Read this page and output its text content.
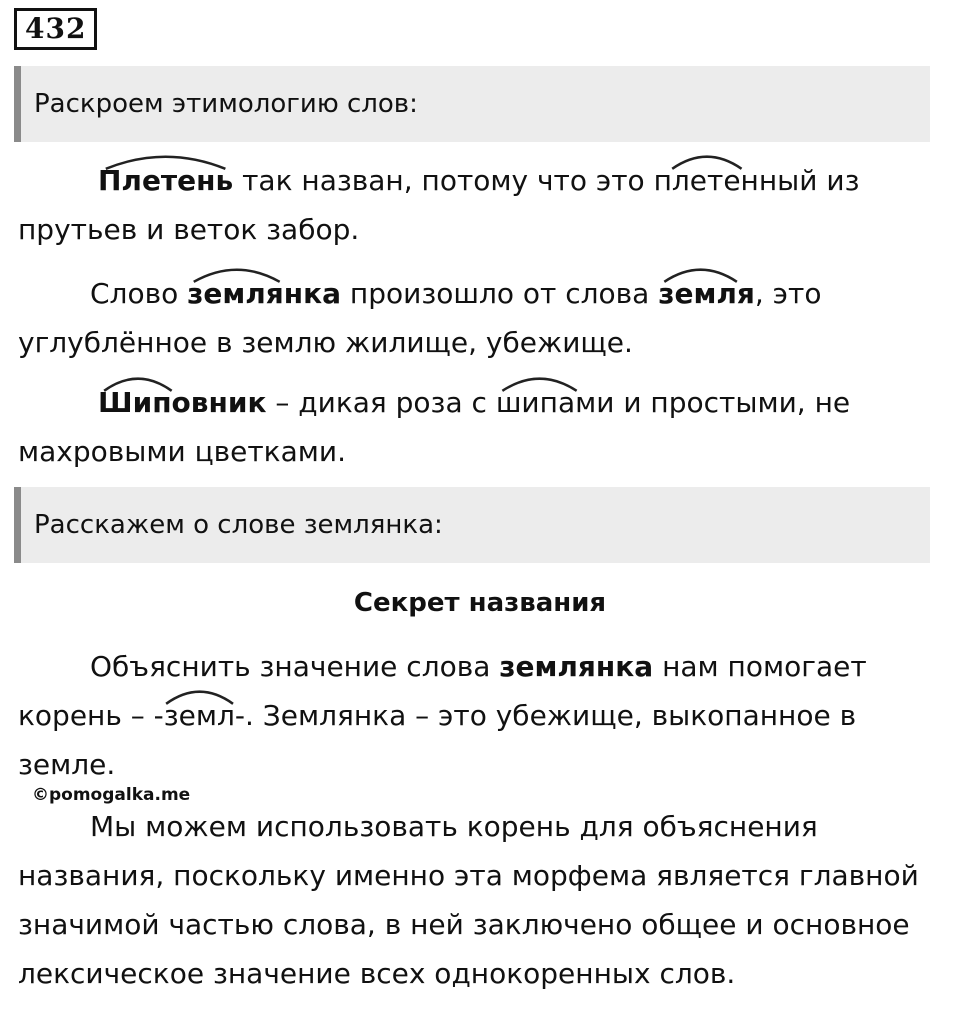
432
Раскроем этимологию слов:

Плетень так назван, потому что это
плетенный из прутьев и веток забор.

Слово
землянка произошло от слова
земля, это углублённое в землю жилище, убежище.

Шиповник – дикая роза с
шипами и простыми, не махровыми цветками.

Расскажем о слове землянка:
Секрет названия

Объяснить значение слова землянка нам помогает корень – -
земл-. Землянка – это убежище, выкопанное в земле.

©pomogalka.me

Мы можем использовать корень для объяснения названия, поскольку именно эта морфема является главной значимой частью слова, в ней заключено общее и основное лексическое значение всех однокоренных слов.
